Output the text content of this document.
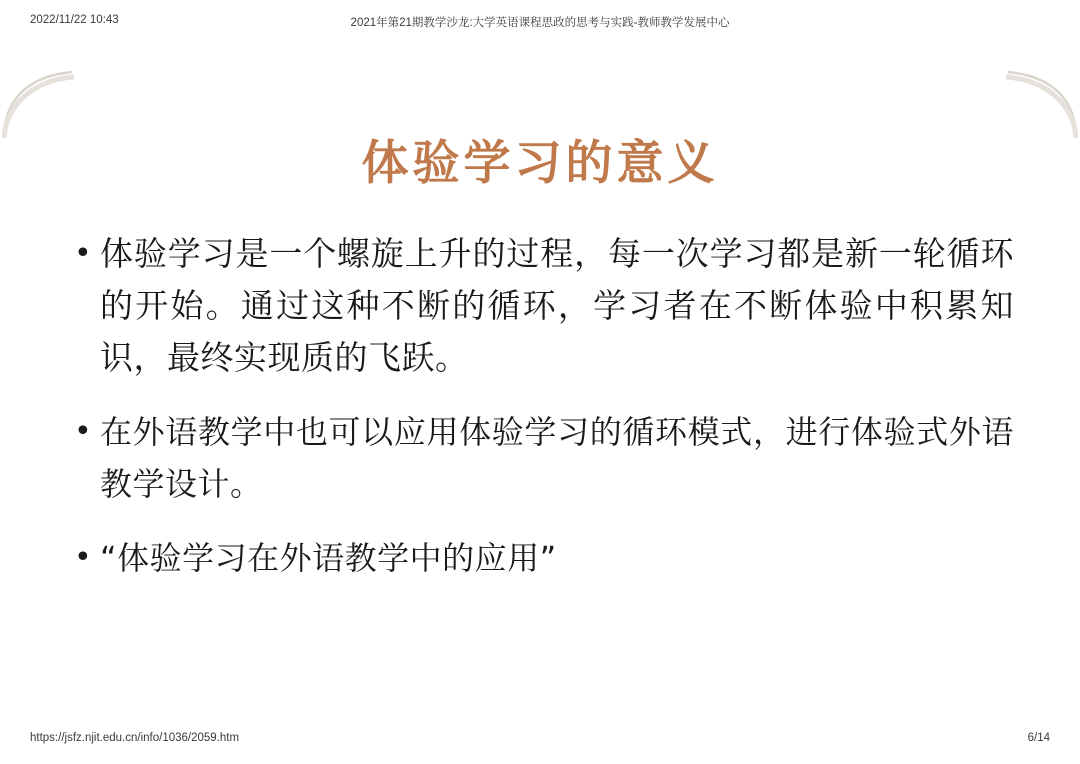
2022/11/22 10:43	2021年第21期教学沙龙:大学英语课程思政的思考与实践-教师教学发展中心
体验学习的意义
• 体验学习是一个螺旋上升的过程，每一次学习都是新一轮循环的开始。通过这种不断的循环，学习者在不断体验中积累知识，最终实现质的飞跃。
• 在外语教学中也可以应用体验学习的循环模式，进行体验式外语教学设计。
• “体验学习在外语教学中的应用”
https://jsfz.njit.edu.cn/info/1036/2059.htm	6/14
